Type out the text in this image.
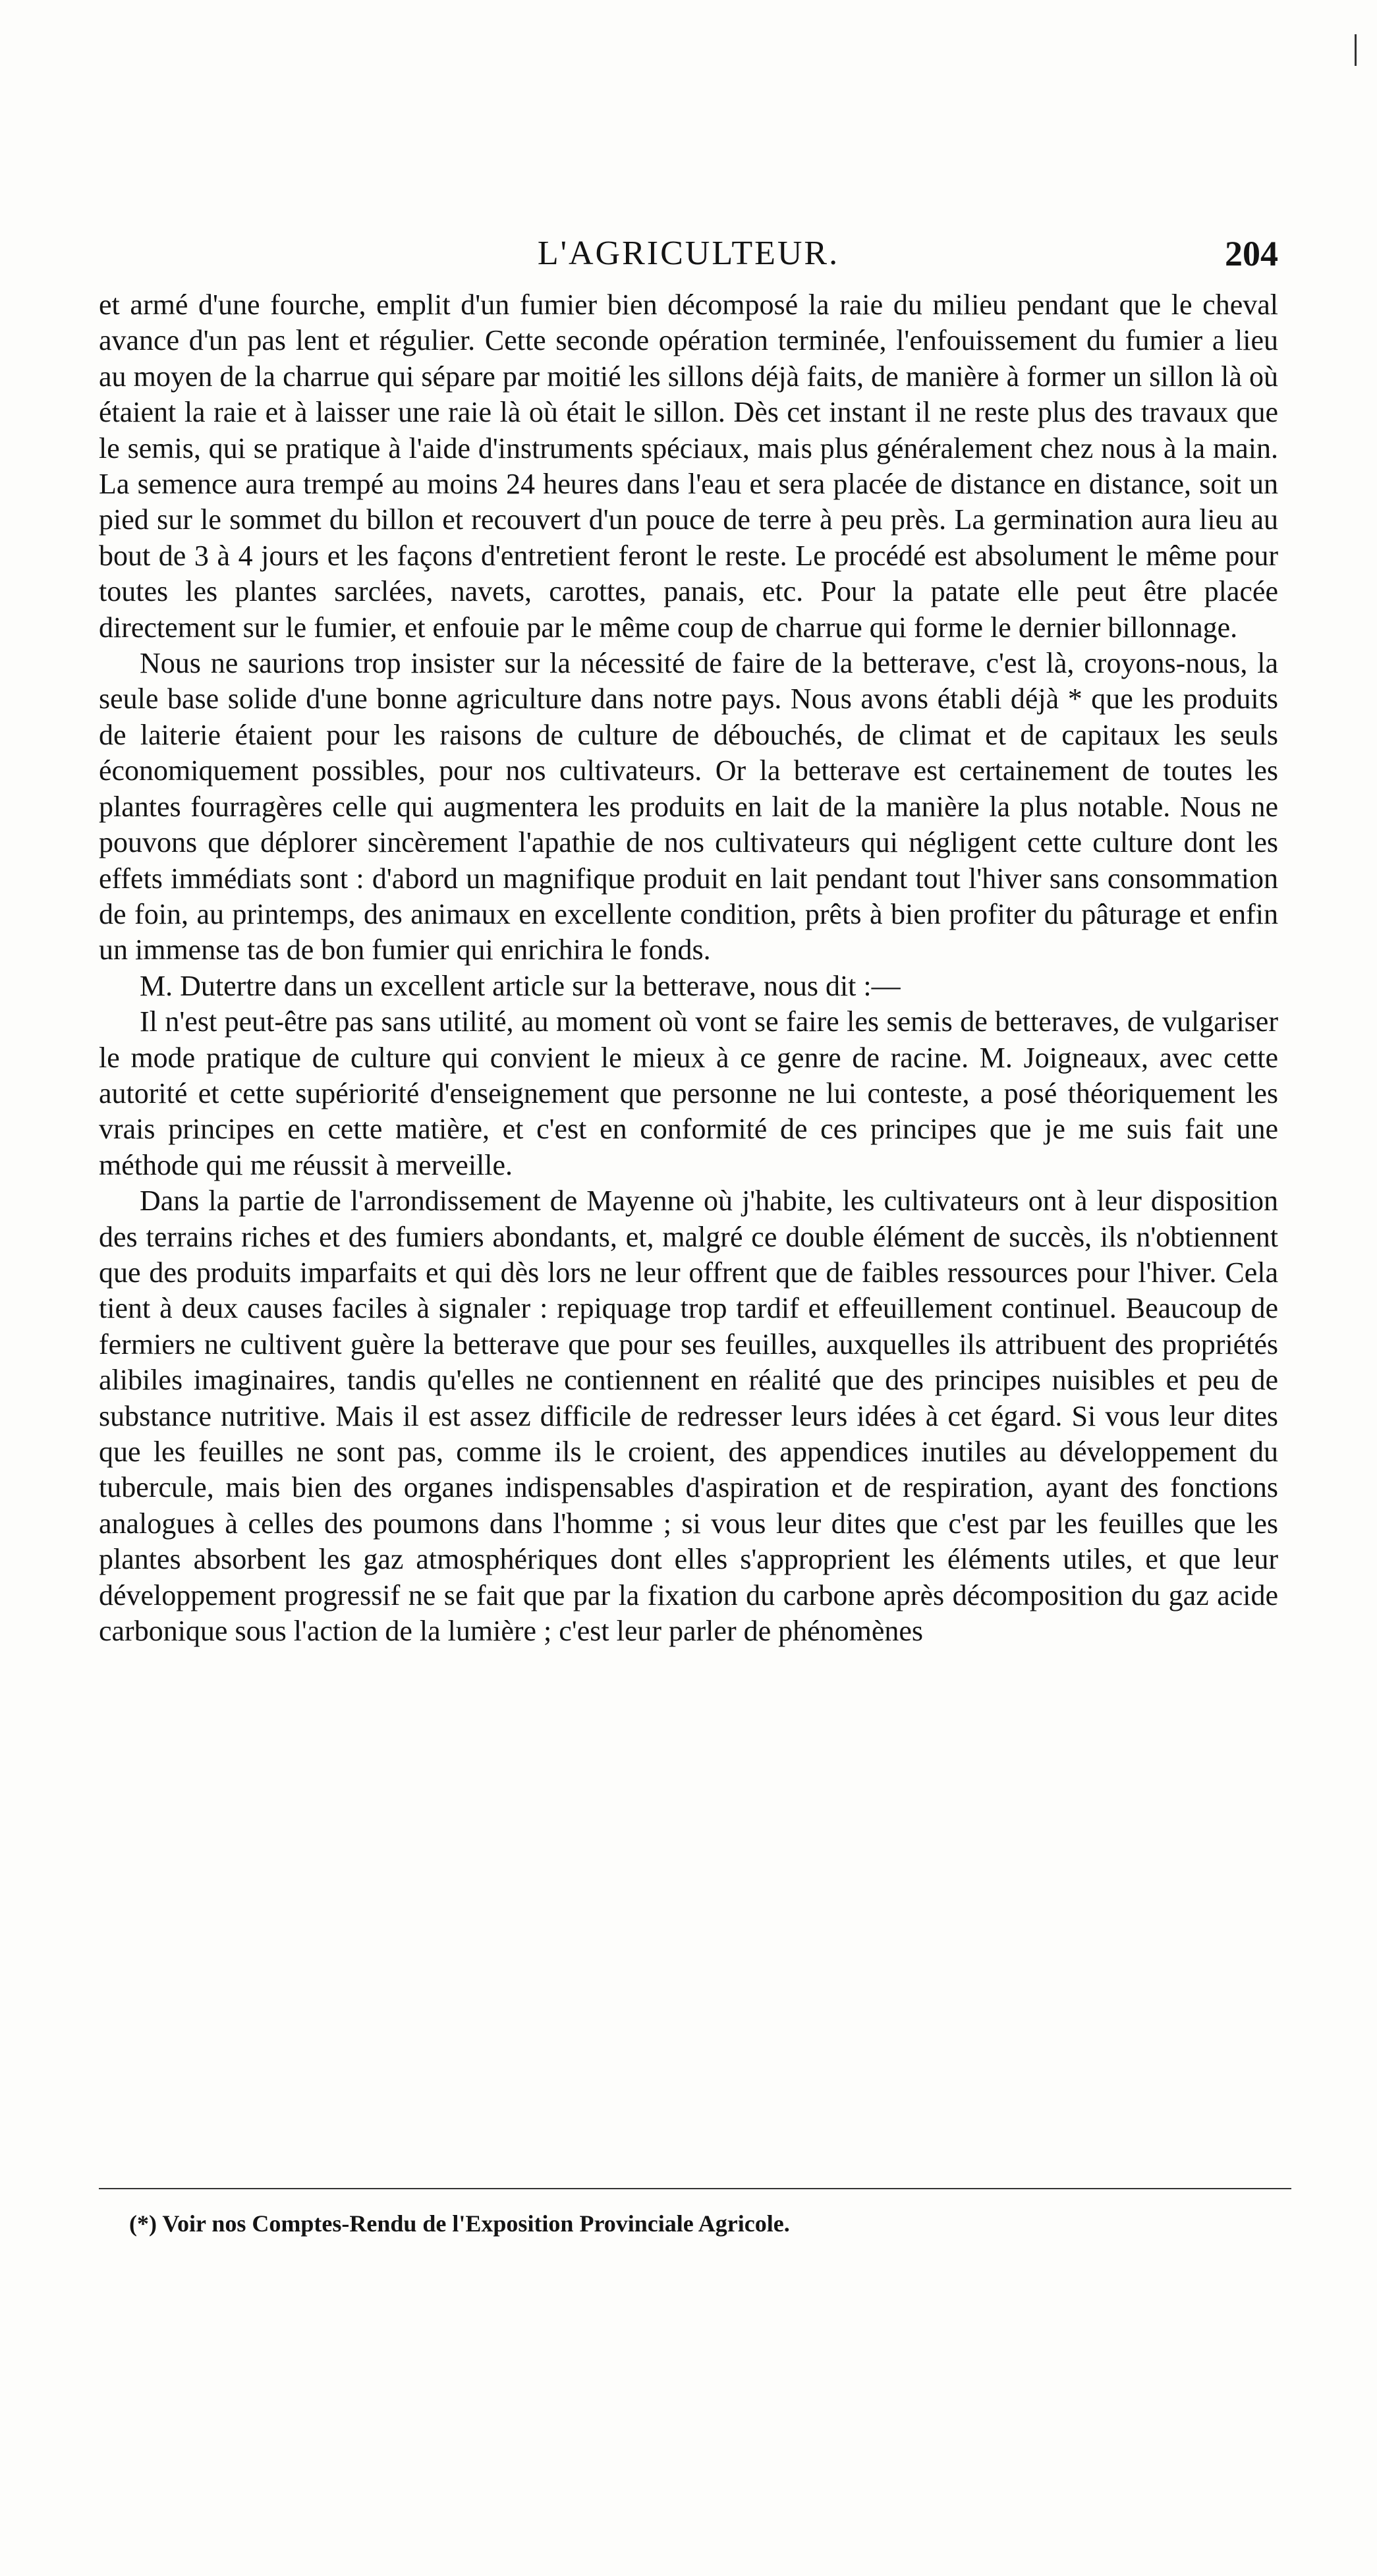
L'AGRICULTEUR.	204

et armé d'une fourche, emplit d'un fumier bien décomposé la raie du milieu pendant que le cheval avance d'un pas lent et régulier. Cette seconde opération terminée, l'enfouissement du fumier a lieu au moyen de la charrue qui sépare par moitié les sillons déjà faits, de manière à former un sillon là où étaient la raie et à laisser une raie là où était le sillon. Dès cet instant il ne reste plus des travaux que le semis, qui se pratique à l'aide d'instruments spéciaux, mais plus généralement chez nous à la main. La semence aura trempé au moins 24 heures dans l'eau et sera placée de distance en distance, soit un pied sur le sommet du billon et recouvert d'un pouce de terre à peu près. La germination aura lieu au bout de 3 à 4 jours et les façons d'entretient feront le reste. Le procédé est absolument le même pour toutes les plantes sarclées, navets, carottes, panais, etc. Pour la patate elle peut être placée directement sur le fumier, et enfouie par le même coup de charrue qui forme le dernier billonnage.

Nous ne saurions trop insister sur la nécessité de faire de la betterave, c'est là, croyons-nous, la seule base solide d'une bonne agriculture dans notre pays. Nous avons établi déjà * que les produits de laiterie étaient pour les raisons de culture de débouchés, de climat et de capitaux les seuls économiquement possibles, pour nos cultivateurs. Or la betterave est certainement de toutes les plantes fourragères celle qui augmentera les produits en lait de la manière la plus notable. Nous ne pouvons que déplorer sincèrement l'apathie de nos cultivateurs qui négligent cette culture dont les effets immédiats sont : d'abord un magnifique produit en lait pendant tout l'hiver sans consommation de foin, au printemps, des animaux en excellente condition, prêts à bien profiter du pâturage et enfin un immense tas de bon fumier qui enrichira le fonds.

M. Dutertre dans un excellent article sur la betterave, nous dit :—

Il n'est peut-être pas sans utilité, au moment où vont se faire les semis de betteraves, de vulgariser le mode pratique de culture qui convient le mieux à ce genre de racine. M. Joigneaux, avec cette autorité et cette supériorité d'enseignement que personne ne lui conteste, a posé théoriquement les vrais principes en cette matière, et c'est en conformité de ces principes que je me suis fait une méthode qui me réussit à merveille.

Dans la partie de l'arrondissement de Mayenne où j'habite, les cultivateurs ont à leur disposition des terrains riches et des fumiers abondants, et, malgré ce double élément de succès, ils n'obtiennent que des produits imparfaits et qui dès lors ne leur offrent que de faibles ressources pour l'hiver. Cela tient à deux causes faciles à signaler : repiquage trop tardif et effeuillement continuel. Beaucoup de fermiers ne cultivent guère la betterave que pour ses feuilles, auxquelles ils attribuent des propriétés alibiles imaginaires, tandis qu'elles ne contiennent en réalité que des principes nuisibles et peu de substance nutritive. Mais il est assez difficile de redresser leurs idées à cet égard. Si vous leur dites que les feuilles ne sont pas, comme ils le croient, des appendices inutiles au développement du tubercule, mais bien des organes indispensables d'aspiration et de respiration, ayant des fonctions analogues à celles des poumons dans l'homme ; si vous leur dites que c'est par les feuilles que les plantes absorbent les gaz atmosphériques dont elles s'approprient les éléments utiles, et que leur développement progressif ne se fait que par la fixation du carbone après décomposition du gaz acide carbonique sous l'action de la lumière ; c'est leur parler de phénomènes

(*) Voir nos Comptes-Rendu de l'Exposition Provinciale Agricole.
